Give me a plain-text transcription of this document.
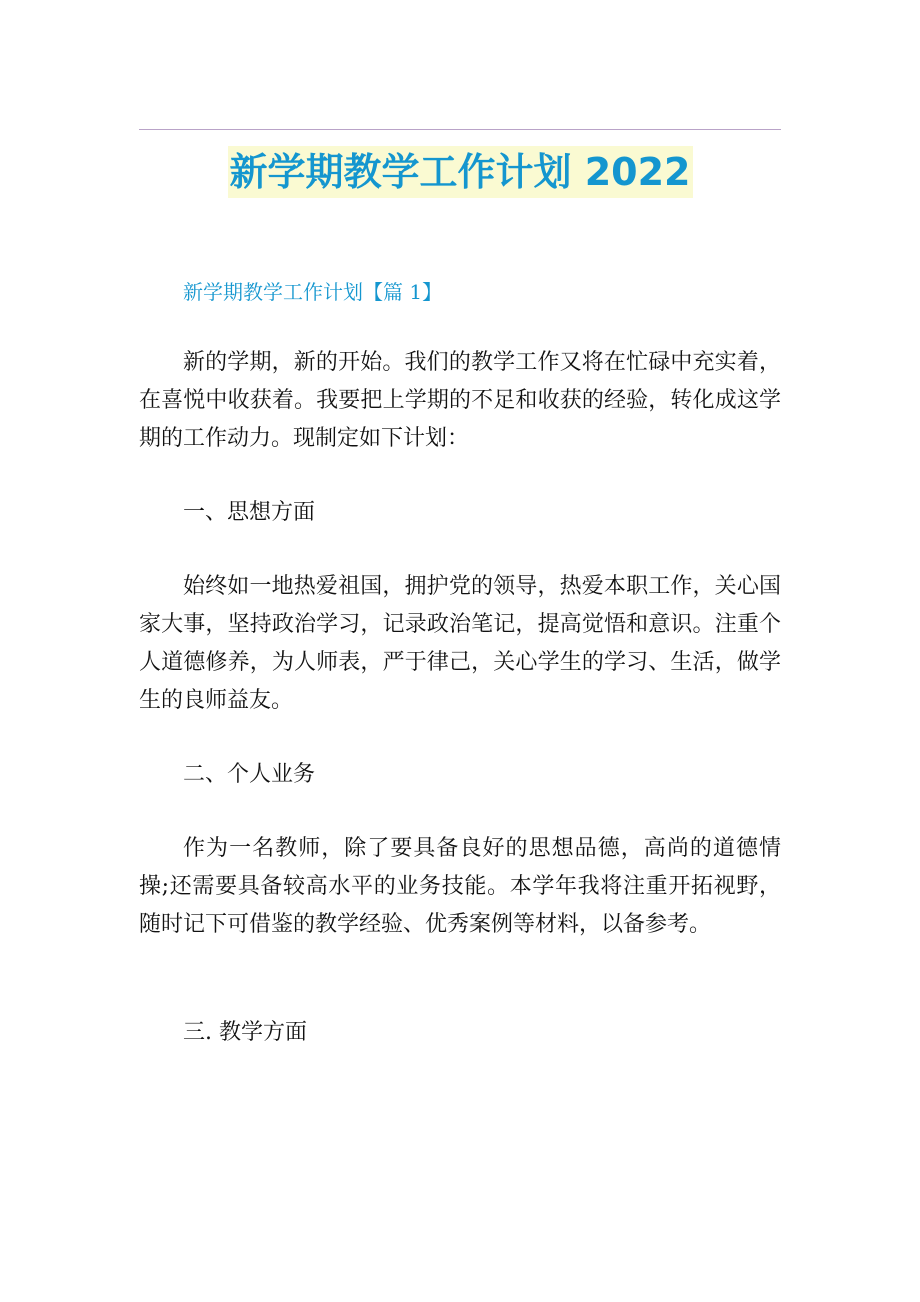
新学期教学工作计划 2022

新学期教学工作计划【篇 1】

新的学期，新的开始。我们的教学工作又将在忙碌中充实着，在喜悦中收获着。我要把上学期的不足和收获的经验，转化成这学期的工作动力。现制定如下计划：

一、思想方面

始终如一地热爱祖国，拥护党的领导，热爱本职工作，关心国家大事，坚持政治学习，记录政治笔记，提高觉悟和意识。注重个人道德修养，为人师表，严于律己，关心学生的学习、生活，做学生的良师益友。

二、个人业务

作为一名教师，除了要具备良好的思想品德，高尚的道德情操;还需要具备较高水平的业务技能。本学年我将注重开拓视野，随时记下可借鉴的教学经验、优秀案例等材料，以备参考。

三. 教学方面
